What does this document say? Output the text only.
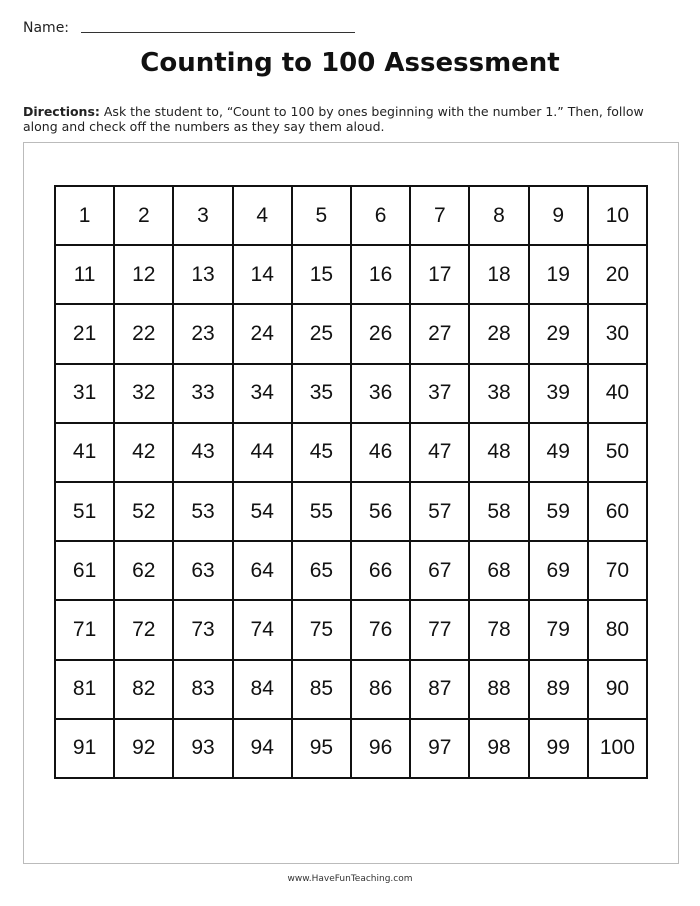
Name:
Counting to 100 Assessment
Directions: Ask the student to, “Count to 100 by ones beginning with the number 1.” Then, follow along and check off the numbers as they say them aloud.
1	2	3	4	5	6	7	8	9	10
11	12	13	14	15	16	17	18	19	20
21	22	23	24	25	26	27	28	29	30
31	32	33	34	35	36	37	38	39	40
41	42	43	44	45	46	47	48	49	50
51	52	53	54	55	56	57	58	59	60
61	62	63	64	65	66	67	68	69	70
71	72	73	74	75	76	77	78	79	80
81	82	83	84	85	86	87	88	89	90
91	92	93	94	95	96	97	98	99	100
www.HaveFunTeaching.com
